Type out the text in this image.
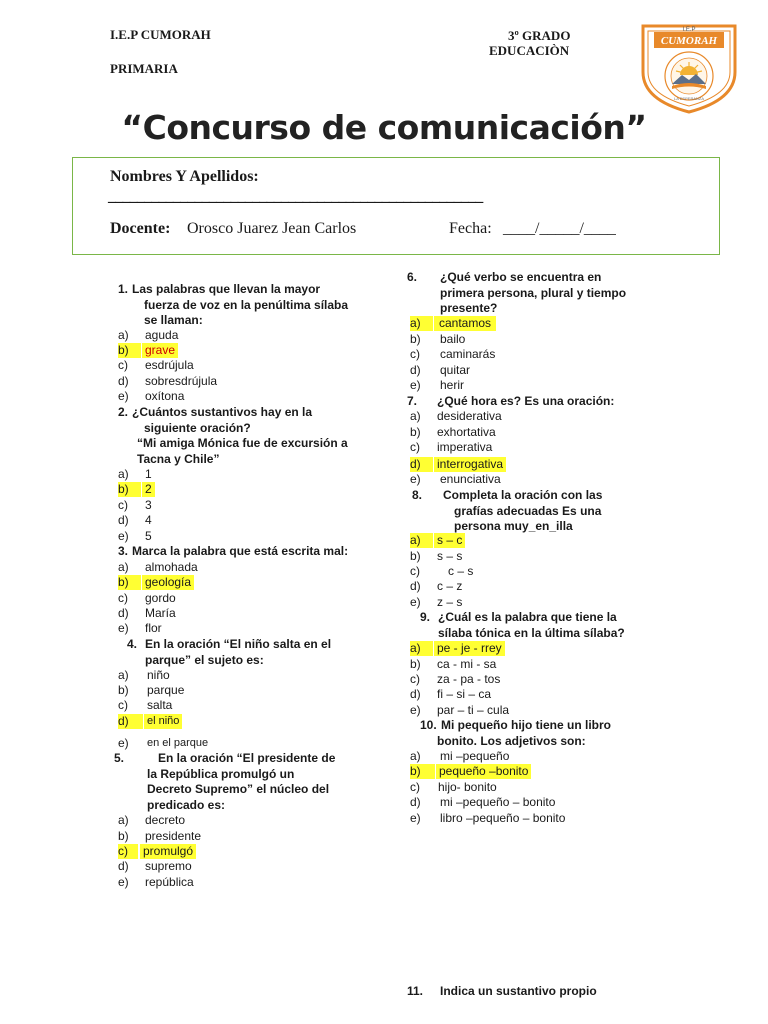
I.E.P CUMORAH
PRIMARIA
3º GRADO
EDUCACIÒN
I.E.P
CUMORAH
LA ESPERANZA
“Concurso de comunicación”
Nombres Y Apellidos:
____________________________________________________
Docente: Orosco Juarez Jean Carlos	Fecha: ____/_____/____
1. Las palabras que llevan la mayor
fuerza de voz en la penúltima sílaba
se llaman:
a) aguda
b)	grave
c) esdrújula
d) sobresdrújula
e) oxítona
2. ¿Cuántos sustantivos hay en la
siguiente oración?
“Mi amiga Mónica fue de excursión a
Tacna y Chile”
a) 1
b)	2
c) 3
d) 4
e) 5
3. Marca la palabra que está escrita mal:
a) almohada
b)	geología
c) gordo
d) María
e) flor
4. En la oración “El niño salta en el
parque” el sujeto es:
a) niño
b) parque
c) salta
d)	el niño
e) en el parque
5.	En la oración “El presidente de
la República promulgó un
Decreto Supremo” el núcleo del
predicado es:
a) decreto
b) presidente
c)	promulgó
d) supremo
e) república
6. ¿Qué verbo se encuentra en
primera persona, plural y tiempo
presente?
a)	cantamos
b) bailo
c) caminarás
d) quitar
e) herir
7. ¿Qué hora es? Es una oración:
a) desiderativa
b) exhortativa
c) imperativa
d)	interrogativa
e) enunciativa
8. Completa la oración con las
grafías adecuadas Es una
persona muy_en_illa
a)	s – c
b) s – s
c) c – s
d) c – z
e) z – s
9. ¿Cuál es la palabra que tiene la
sílaba tónica en la última sílaba?
a)	pe - je - rrey
b) ca - mi - sa
c) za - pa - tos
d) fi – si – ca
e) par – ti – cula
10. Mi pequeño hijo tiene un libro
bonito. Los adjetivos son:
a) mi –pequeño
b)	pequeño –bonito
c) hijo- bonito
d) mi –pequeño – bonito
e) libro –pequeño – bonito
11. Indica un sustantivo propio
